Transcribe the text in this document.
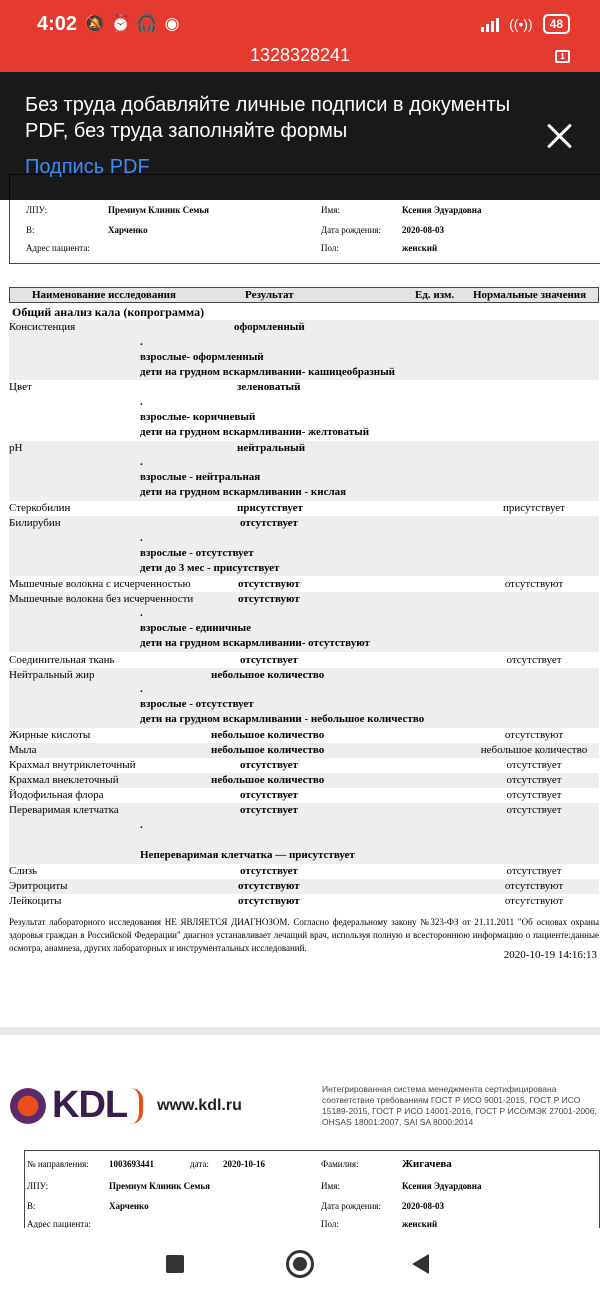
4:02 🔕 ⏰ 🎧 ◉	((•))	48
1328328241	1
ЛПУ:	Премиум Клиник Семья
В:	Харченко
Адрес пациента:
Имя:	Ксения Эдуардовна
Дата рождения: 2020-08-03
Пол:	женский
Наименование исследования	Результат	Ед. изм. Нормальные значения
Общий анализ кала (копрограмма)
Консистенция	оформленный
.
взрослые- оформленный
дети на грудном вскармливании- кашицеобразный
Цвет	зеленоватый
.
взрослые- коричневый
дети на грудном вскармливании- желтоватый
pH	нейтральный
.
взрослые - нейтральная
дети на грудном вскармливании - кислая
Стеркобилин	присутствует	присутствует
Билирубин	отсутствует
.
взрослые - отсутствует
дети до 3 мес - присутствует
Мышечные волокна с исчерченностью	отсутствуют	отсутствуют
Мышечные волокна без исчерченности	отсутствуют
.
взрослые - единичные
дети на грудном вскармливании- отсутствуют
Соединительная ткань	отсутствует	отсутствует
Нейтральный жир	небольшое количество
.
взрослые - отсутствует
дети на грудном вскармливании - небольшое количество
Жирные кислоты	небольшое количество	отсутствуют
Мыла	небольшое количество	небольшое количество
Крахмал внутриклеточный	отсутствует	отсутствует
Крахмал внеклеточный	небольшое количество	отсутствует
Йодофильная флора	отсутствует	отсутствует
Переваримая клетчатка	отсутствует	отсутствует
.
Непереваримая клетчатка — присутствует
Слизь	отсутствует	отсутствует
Эритроциты	отсутствуют	отсутствуют
Лейкоциты	отсутствуют	отсутствуют
Результат лабораторного исследования НЕ ЯВЛЯЕТСЯ ДИАГНОЗОМ. Согласно федеральному закону №323-ФЗ от 21.11.2011 "Об основах охраны здоровья граждан в Российской Федерации" диагноз устанавливает лечащий врач, используя полную и всестороннюю информацию о пациенте:данные осмотра, анамнеза, других лабораторных и инструментальных исследований.
2020-10-19 14:16:13
KDL www.kdl.ru
Интегрированная система менеджмента сертифицирована соответствие требованиям ГОСТ Р ИСО 9001-2015, ГОСТ Р ИСО 15189-2015, ГОСТ Р ИСО 14001-2016, ГОСТ Р ИСО/МЭК 27001-2006, OHSAS 18001:2007, SAI SA 8000:2014
№ направления: 1003693441	дата: 2020-10-16	Фамилия:	Жигачева
ЛПУ:	Премиум Клиник Семья	Имя:	Ксения Эдуардовна
В:	Харченко	Дата рождения: 2020-08-03
Адрес пациента:	Пол:	женский
Без труда добавляйте личные подписи в документы PDF, без труда заполняйте формы
Подпись PDF
